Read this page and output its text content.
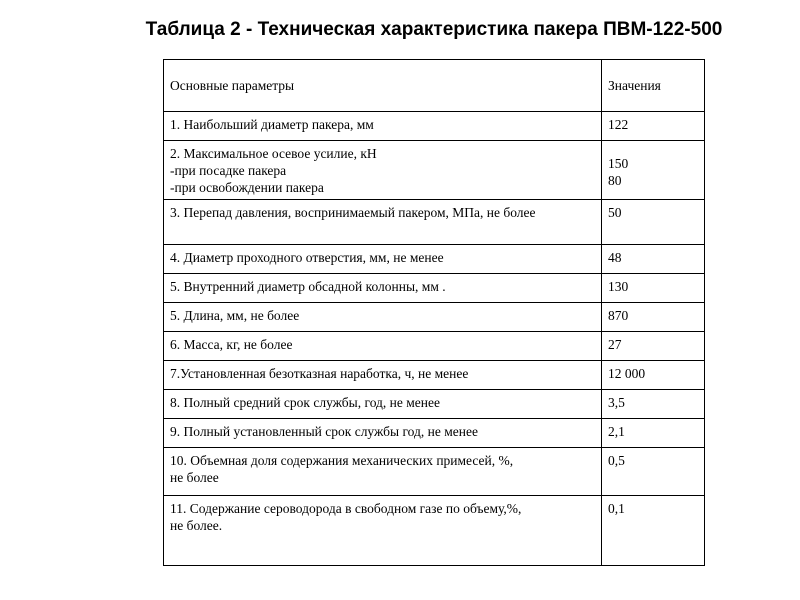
Таблица 2 - Техническая характеристика пакера ПВМ-122-500
Основные параметры	Значения

1. Наибольший диаметр пакера, мм	122

2. Максимальное осевое усилие, кН
-при посадке пакера
-при освобождении пакера	150
80

3. Перепад давления, воспринимаемый пакером, МПа, не более	50

4. Диаметр проходного отверстия, мм, не менее	48

5. Внутренний диаметр обсадной колонны, мм .	130

5. Длина, мм, не более	870

6. Масса, кг, не более	27

7.Установленная безотказная наработка, ч, не менее	12 000

8. Полный средний срок службы, год, не менее	3,5

9. Полный установленный срок службы год, не менее	2,1

10. Объемная доля содержания механических примесей, %,
не более	0,5

11. Содержание сероводорода в свободном газе по объему,%,
не более.	0,1
